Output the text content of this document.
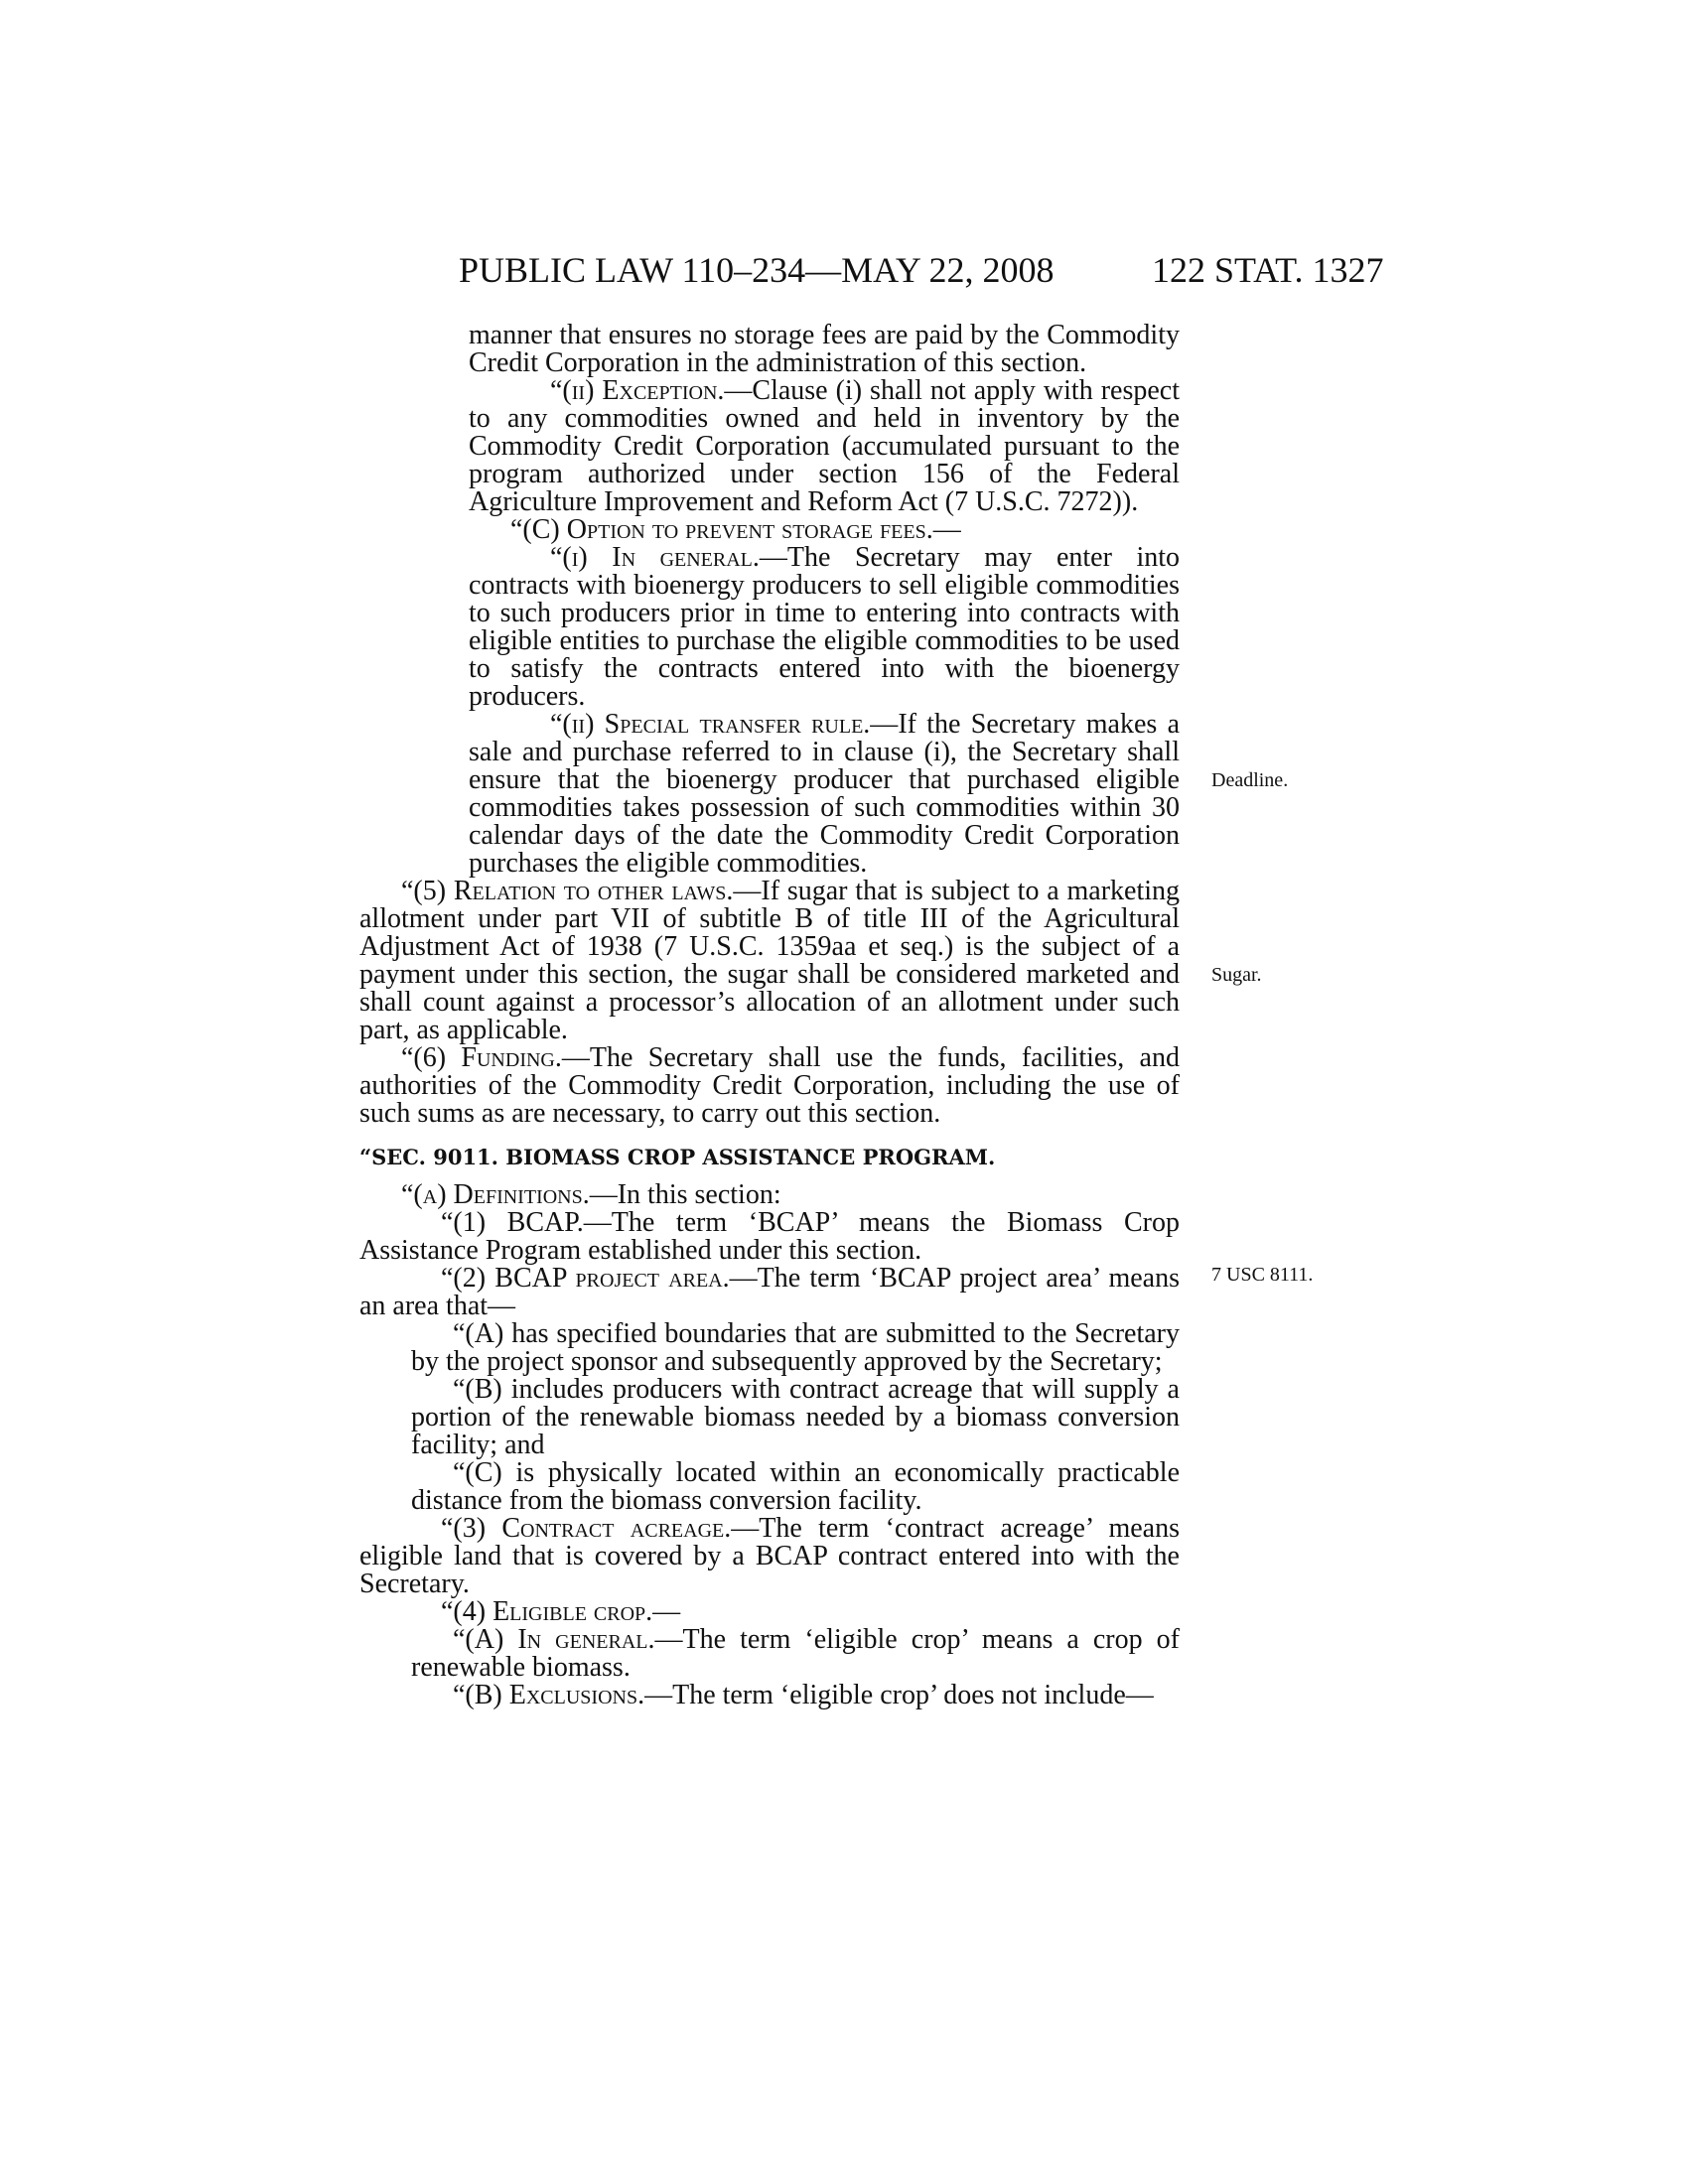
PUBLIC LAW 110–234—MAY 22, 2008	122 STAT. 1327

manner that ensures no storage fees are paid by the Commodity Credit Corporation in the administration of this section.

“(ii) Exception.—Clause (i) shall not apply with respect to any commodities owned and held in inventory by the Commodity Credit Corporation (accumulated pursuant to the program authorized under section 156 of the Federal Agriculture Improvement and Reform Act (7 U.S.C. 7272)).

“(C) Option to prevent storage fees.—

“(i) In general.—The Secretary may enter into contracts with bioenergy producers to sell eligible commodities to such producers prior in time to entering into contracts with eligible entities to purchase the eligible commodities to be used to satisfy the contracts entered into with the bioenergy producers.

“(ii) Special transfer rule.—If the Secretary makes a sale and purchase referred to in clause (i), the Secretary shall ensure that the bioenergy producer that purchased eligible commodities takes possession of such commodities within 30 calendar days of the date the Commodity Credit Corporation purchases the eligible commodities.

“(5) Relation to other laws.—If sugar that is subject to a marketing allotment under part VII of subtitle B of title III of the Agricultural Adjustment Act of 1938 (7 U.S.C. 1359aa et seq.) is the subject of a payment under this section, the sugar shall be considered marketed and shall count against a processor’s allocation of an allotment under such part, as applicable.

“(6) Funding.—The Secretary shall use the funds, facilities, and authorities of the Commodity Credit Corporation, including the use of such sums as are necessary, to carry out this section.

“SEC. 9011. BIOMASS CROP ASSISTANCE PROGRAM.

“(a) Definitions.—In this section:

“(1) BCAP.—The term ‘BCAP’ means the Biomass Crop Assistance Program established under this section.

“(2) BCAP project area.—The term ‘BCAP project area’ means an area that—

“(A) has specified boundaries that are submitted to the Secretary by the project sponsor and subsequently approved by the Secretary;

“(B) includes producers with contract acreage that will supply a portion of the renewable biomass needed by a biomass conversion facility; and

“(C) is physically located within an economically practicable distance from the biomass conversion facility.

“(3) Contract acreage.—The term ‘contract acreage’ means eligible land that is covered by a BCAP contract entered into with the Secretary.

“(4) Eligible crop.—

“(A) In general.—The term ‘eligible crop’ means a crop of renewable biomass.

“(B) Exclusions.—The term ‘eligible crop’ does not include—

Deadline.
Sugar.
7 USC 8111.
